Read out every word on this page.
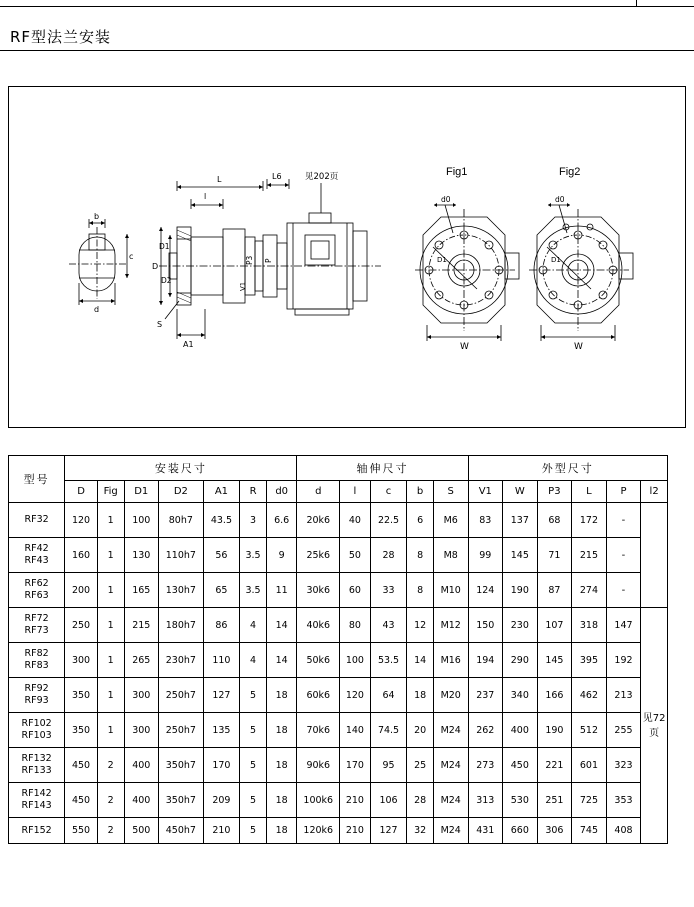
RF型法兰安装
b
c
d
l
L	L6	见202页
D
D2
D1
P3 P
V1
S
A1
Fig1
d0
D1
W
Fig2
d0
D1
W
型号	安装尺寸							轴伸尺寸					外型尺寸					
	D	Fig	D1	D2	A1	R	d0	d	l	c	b	S	V1	W	P3	L	P	l2
RF32	120	1	100	80h7	43.5	3	6.6	20k6	40	22.5	6	M6	83	137	68	172	-	
RF42
RF43	160	1	130	110h7	56	3.5	9	25k6	50	28	8	M8	99	145	71	215	-	
RF62
RF63	200	1	165	130h7	65	3.5	11	30k6	60	33	8	M10	124	190	87	274	-	
RF72
RF73	250	1	215	180h7	86	4	14	40k6	80	43	12	M12	150	230	107	318	147	见72页
RF82
RF83	300	1	265	230h7	110	4	14	50k6	100	53.5	14	M16	194	290	145	395	192	
RF92
RF93	350	1	300	250h7	127	5	18	60k6	120	64	18	M20	237	340	166	462	213	
RF102
RF103	350	1	300	250h7	135	5	18	70k6	140	74.5	20	M24	262	400	190	512	255	
RF132
RF133	450	2	400	350h7	170	5	18	90k6	170	95	25	M24	273	450	221	601	323	
RF142
RF143	450	2	400	350h7	209	5	18	100k6	210	106	28	M24	313	530	251	725	353	
RF152	550	2	500	450h7	210	5	18	120k6	210	127	32	M24	431	660	306	745	408	
